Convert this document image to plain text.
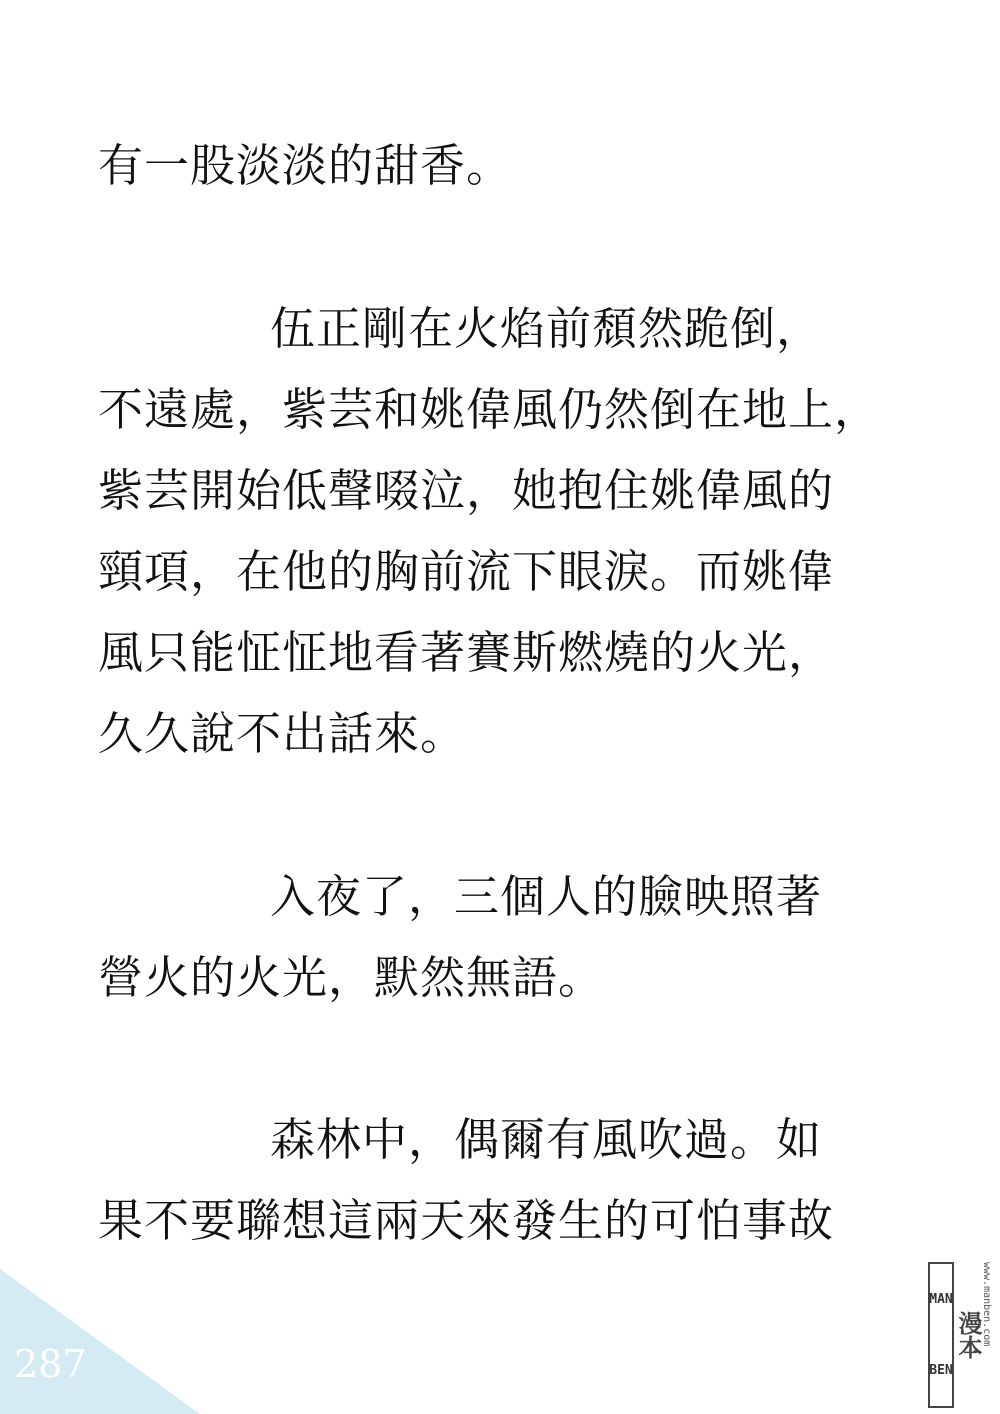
有一股淡淡的甜香。
伍正剛在火焰前頹然跪倒，
不遠處，紫芸和姚偉風仍然倒在地上，
紫芸開始低聲啜泣，她抱住姚偉風的
頸項，在他的胸前流下眼淚。而姚偉
風只能怔怔地看著賽斯燃燒的火光，
久久說不出話來。
入夜了，三個人的臉映照著
營火的火光，默然無語。
森林中，偶爾有風吹過。如
果不要聯想這兩天來發生的可怕事故
287
MAN
BEN
漫本 www.manben.com
